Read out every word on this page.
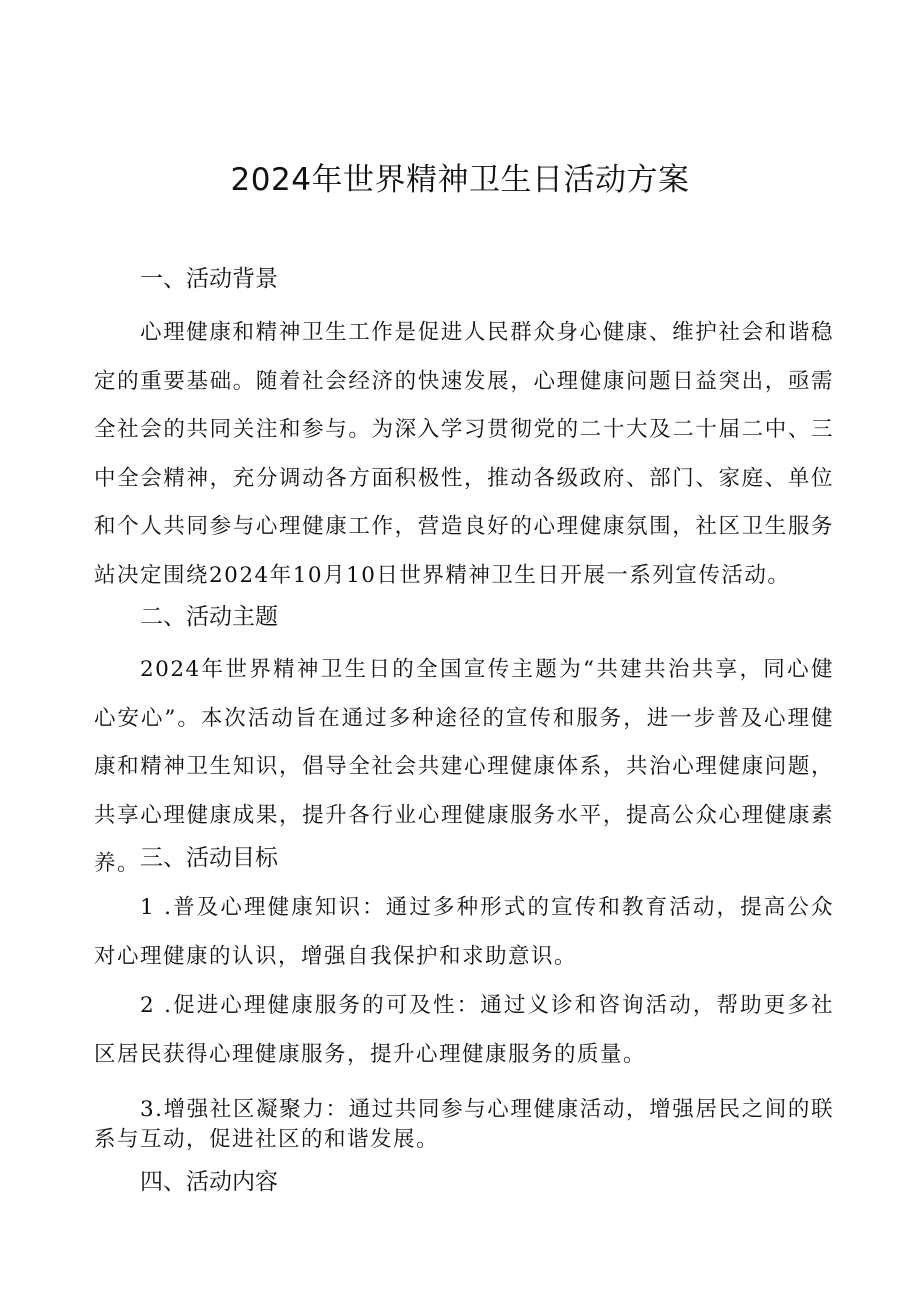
2024年世界精神卫生日活动方案
一、活动背景

心理健康和精神卫生工作是促进人民群众身心健康、维护社会和谐稳定的重要基础。随着社会经济的快速发展，心理健康问题日益突出，亟需全社会的共同关注和参与。为深入学习贯彻党的二十大及二十届二中、三中全会精神，充分调动各方面积极性，推动各级政府、部门、家庭、单位和个人共同参与心理健康工作，营造良好的心理健康氛围，社区卫生服务站决定围绕2024年10月10日世界精神卫生日开展一系列宣传活动。

二、活动主题

2024年世界精神卫生日的全国宣传主题为“共建共治共享，同心健心安心”。本次活动旨在通过多种途径的宣传和服务，进一步普及心理健康和精神卫生知识，倡导全社会共建心理健康体系，共治心理健康问题，共享心理健康成果，提升各行业心理健康服务水平，提高公众心理健康素养。 三、活动目标

1 .普及心理健康知识：通过多种形式的宣传和教育活动，提高公众对心理健康的认识，增强自我保护和求助意识。

2 .促进心理健康服务的可及性：通过义诊和咨询活动，帮助更多社区居民获得心理健康服务，提升心理健康服务的质量。

3.增强社区凝聚力：通过共同参与心理健康活动，增强居民之间的联系与互动，促进社区的和谐发展。

四、活动内容
